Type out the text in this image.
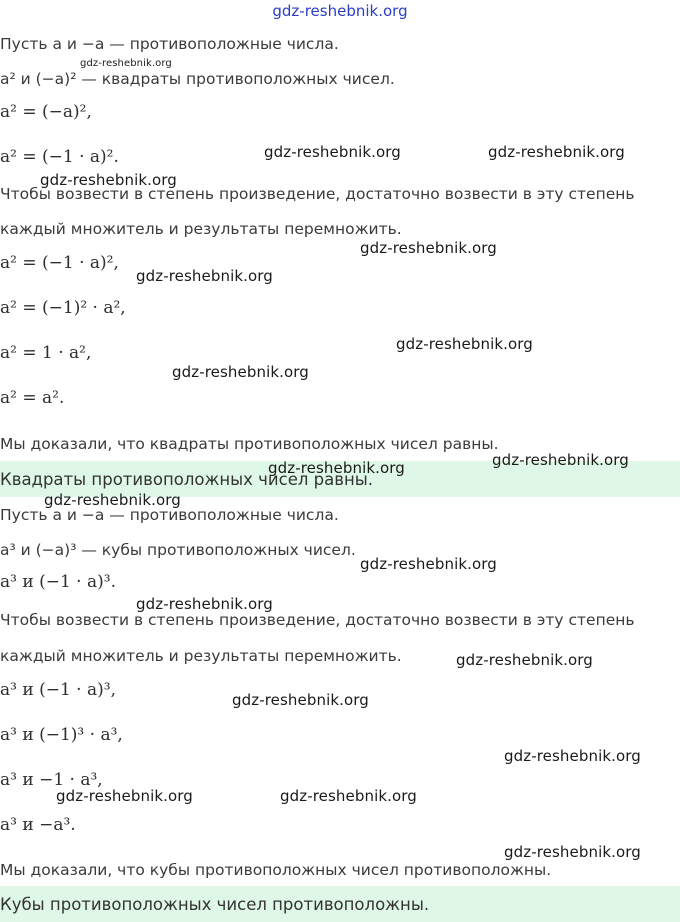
gdz-reshebnik.org
Пусть a и −a — противоположные числа.
a² и (−a)² — квадраты противоположных чисел.
a² = (−a)²,
a² = (−1 · a)².
Чтобы возвести в степень произведение, достаточно возвести в эту степень
каждый множитель и результаты перемножить.
a² = (−1 · a)²,
a² = (−1)² · a²,
a² = 1 · a²,
a² = a².
Мы доказали, что квадраты противоположных чисел равны.
Квадраты противоположных чисел равны.
Пусть a и −a — противоположные числа.
a³ и (−a)³ — кубы противоположных чисел.
a³ и (−1 · a)³.
Чтобы возвести в степень произведение, достаточно возвести в эту степень
каждый множитель и результаты перемножить.
a³ и (−1 · a)³,
a³ и (−1)³ · a³,
a³ и −1 · a³,
a³ и −a³.
Мы доказали, что кубы противоположных чисел противоположны.
Кубы противоположных чисел противоположны.
gdz-reshebnik.org
gdz-reshebnik.org	gdz-reshebnik.org
gdz-reshebnik.org
gdz-reshebnik.org
gdz-reshebnik.org
gdz-reshebnik.org
gdz-reshebnik.org
gdz-reshebnik.org	gdz-reshebnik.org
gdz-reshebnik.org
gdz-reshebnik.org
gdz-reshebnik.org
gdz-reshebnik.org
gdz-reshebnik.org
gdz-reshebnik.org
gdz-reshebnik.org	gdz-reshebnik.org
gdz-reshebnik.org
